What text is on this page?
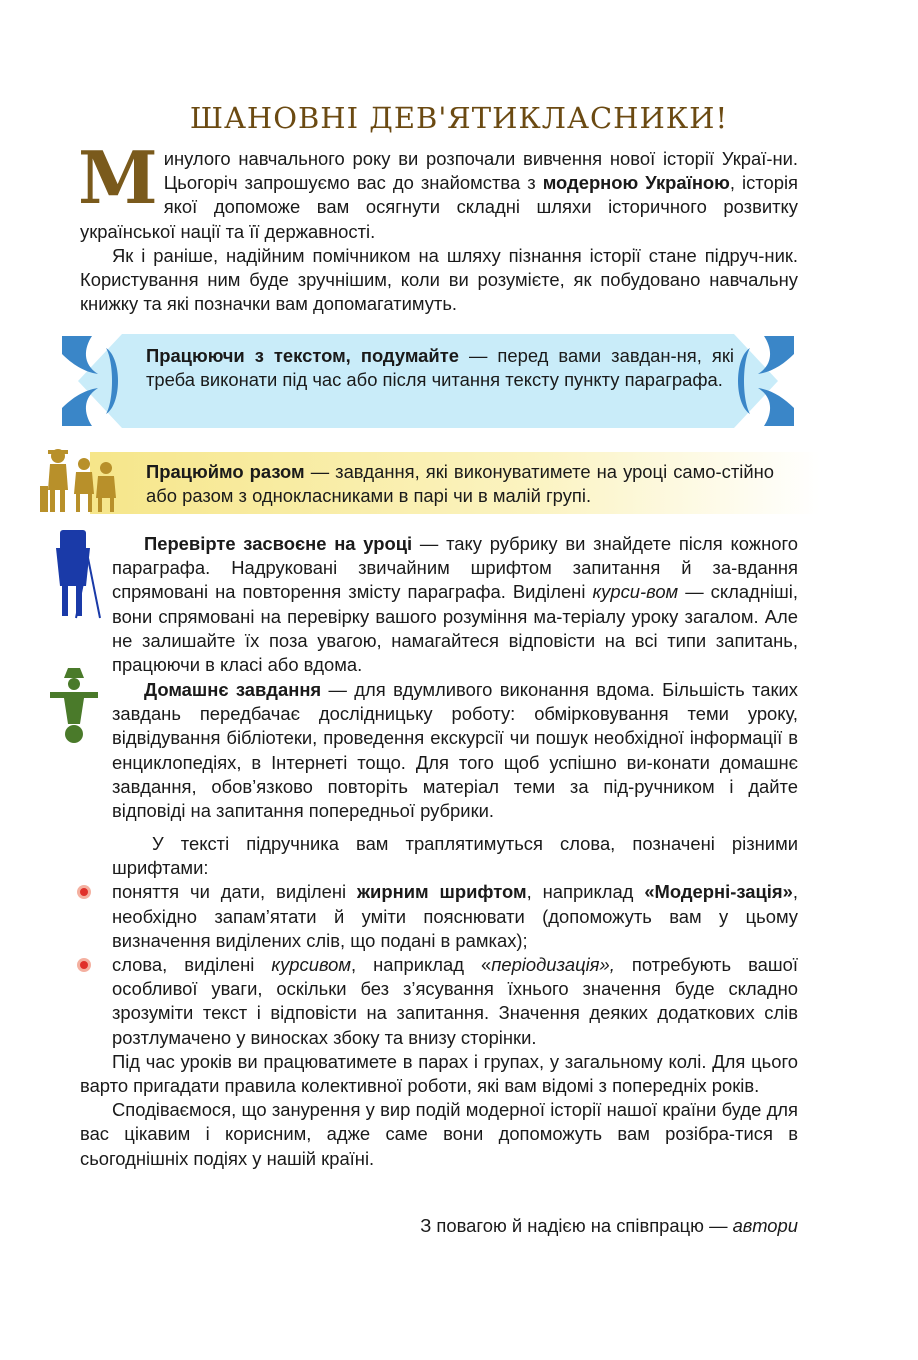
ШАНОВНІ ДЕВ'ЯТИКЛАСНИКИ!

Минулого навчального року ви розпочали вивчення нової історії Украї-ни. Цьогоріч запрошуємо вас до знайомства з модерною Україною, історія якої допоможе вам осягнути складні шляхи історичного розвитку української нації та її державності.

Як і раніше, надійним помічником на шляху пізнання історії стане підруч-ник. Користування ним буде зручнішим, коли ви розумієте, як побудовано навчальну книжку та які позначки вам допомагатимуть.

Працюючи з текстом, подумайте — перед вами завдан-ня, які треба виконати під час або після читання тексту пункту параграфа.

Працюймо разом — завдання, які виконуватимете на уроці само-стійно або разом з однокласниками в парі чи в малій групі.

Перевірте засвоєне на уроці — таку рубрику ви знайдете після кожного параграфа. Надруковані звичайним шрифтом запитання й за-вдання спрямовані на повторення змісту параграфа. Виділені курси-вом — складніші, вони спрямовані на перевірку вашого розуміння ма-теріалу уроку загалом. Але не залишайте їх поза увагою, намагайтеся відповісти на всі типи запитань, працюючи в класі або вдома.

Домашнє завдання — для вдумливого виконання вдома. Більшість таких завдань передбачає дослідницьку роботу: обмірковування теми уроку, відвідування бібліотеки, проведення екскурсії чи пошук необхідної інформації в енциклопедіях, в Інтернеті тощо. Для того щоб успішно ви-конати домашнє завдання, обов’язково повторіть матеріал теми за під-ручником і дайте відповіді на запитання попередньої рубрики.

У тексті підручника вам траплятимуться слова, позначені різними шрифтами:

поняття чи дати, виділені жирним шрифтом, наприклад «Модерні-зація», необхідно запам’ятати й уміти пояснювати (допоможуть вам у цьому визначення виділених слів, що подані в рамках);

слова, виділені курсивом, наприклад «періодизація», потребують вашої особливої уваги, оскільки без з’ясування їхнього значення буде складно зрозуміти текст і відповісти на запитання. Значення деяких додаткових слів розтлумачено у виносках збоку та внизу сторінки.

Під час уроків ви працюватимете в парах і групах, у загальному колі. Для цього варто пригадати правила колективної роботи, які вам відомі з попередніх років.

Сподіваємося, що занурення у вир подій модерної історії нашої країни буде для вас цікавим і корисним, адже саме вони допоможуть вам розібра-тися в сьогоднішніх подіях у нашій країні.

З повагою й надією на співпрацю — автори
